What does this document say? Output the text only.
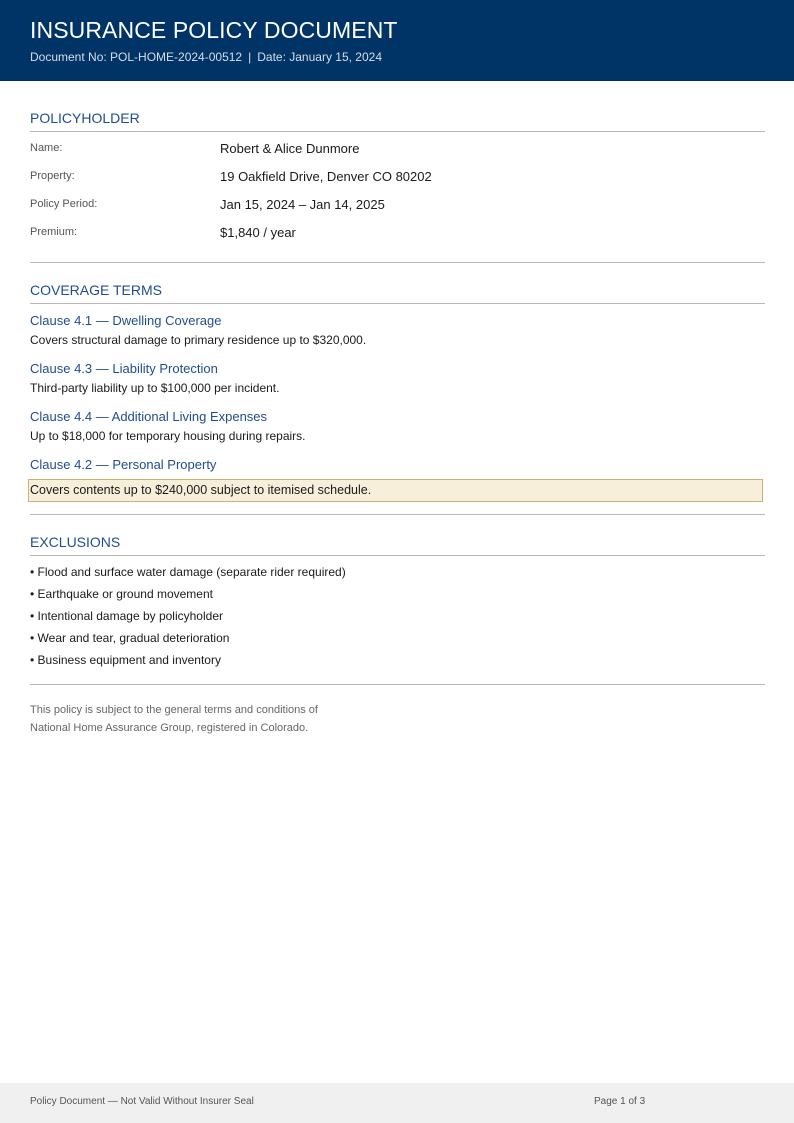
INSURANCE POLICY DOCUMENT
Document No: POL-HOME-2024-00512 | Date: January 15, 2024
POLICYHOLDER
Name:	Robert & Alice Dunmore
Property:	19 Oakfield Drive, Denver CO 80202
Policy Period:	Jan 15, 2024 – Jan 14, 2025
Premium:	$1,840 / year
COVERAGE TERMS
Clause 4.1 — Dwelling Coverage
Covers structural damage to primary residence up to $320,000.
Clause 4.3 — Liability Protection
Third-party liability up to $100,000 per incident.
Clause 4.4 — Additional Living Expenses
Up to $18,000 for temporary housing during repairs.
Clause 4.2 — Personal Property
Covers contents up to $240,000 subject to itemised schedule.
EXCLUSIONS
• Flood and surface water damage (separate rider required)
• Earthquake or ground movement
• Intentional damage by policyholder
• Wear and tear, gradual deterioration
• Business equipment and inventory
This policy is subject to the general terms and conditions of
National Home Assurance Group, registered in Colorado.
Policy Document — Not Valid Without Insurer Seal	Page 1 of 3
